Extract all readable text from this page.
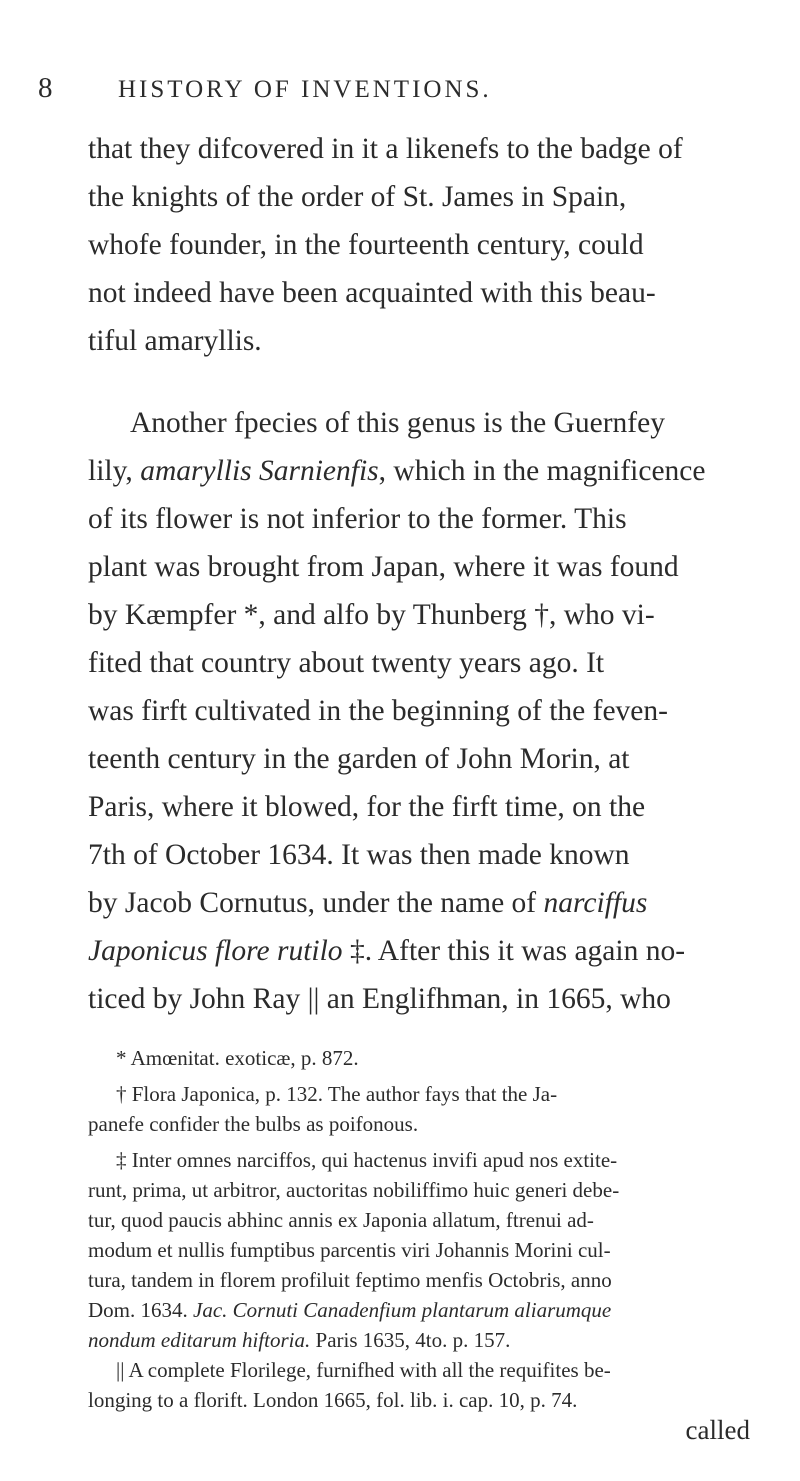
8	HISTORY OF INVENTIONS.
that they difcovered in it a likenefs to the badge of
the knights of the order of St. James in Spain,
whofe founder, in the fourteenth century, could
not indeed have been acquainted with this beau-
tiful amaryllis.
Another fpecies of this genus is the Guernfey
lily, amaryllis Sarnienfis, which in the magnificence
of its flower is not inferior to the former. This
plant was brought from Japan, where it was found
by Kæmpfer *, and alfo by Thunberg †, who vi-
fited that country about twenty years ago. It
was firft cultivated in the beginning of the feven-
teenth century in the garden of John Morin, at
Paris, where it blowed, for the firft time, on the
7th of October 1634. It was then made known
by Jacob Cornutus, under the name of narciffus
Japonicus flore rutilo ‡. After this it was again no-
ticed by John Ray || an Englifhman, in 1665, who
* Amœnitat. exoticæ, p. 872.
† Flora Japonica, p. 132. The author fays that the Ja-
panefe confider the bulbs as poifonous.
‡ Inter omnes narciffos, qui hactenus invifi apud nos extite-
runt, prima, ut arbitror, auctoritas nobiliffimo huic generi debe-
tur, quod paucis abhinc annis ex Japonia allatum, ftrenui ad-
modum et nullis fumptibus parcentis viri Johannis Morini cul-
tura, tandem in florem profiluit feptimo menfis Octobris, anno
Dom. 1634. Jac. Cornuti Canadenfium plantarum aliarumque
nondum editarum hiftoria. Paris 1635, 4to. p. 157.
|| A complete Florilege, furnifhed with all the requifites be-
longing to a florift. London 1665, fol. lib. i. cap. 10, p. 74.
called
